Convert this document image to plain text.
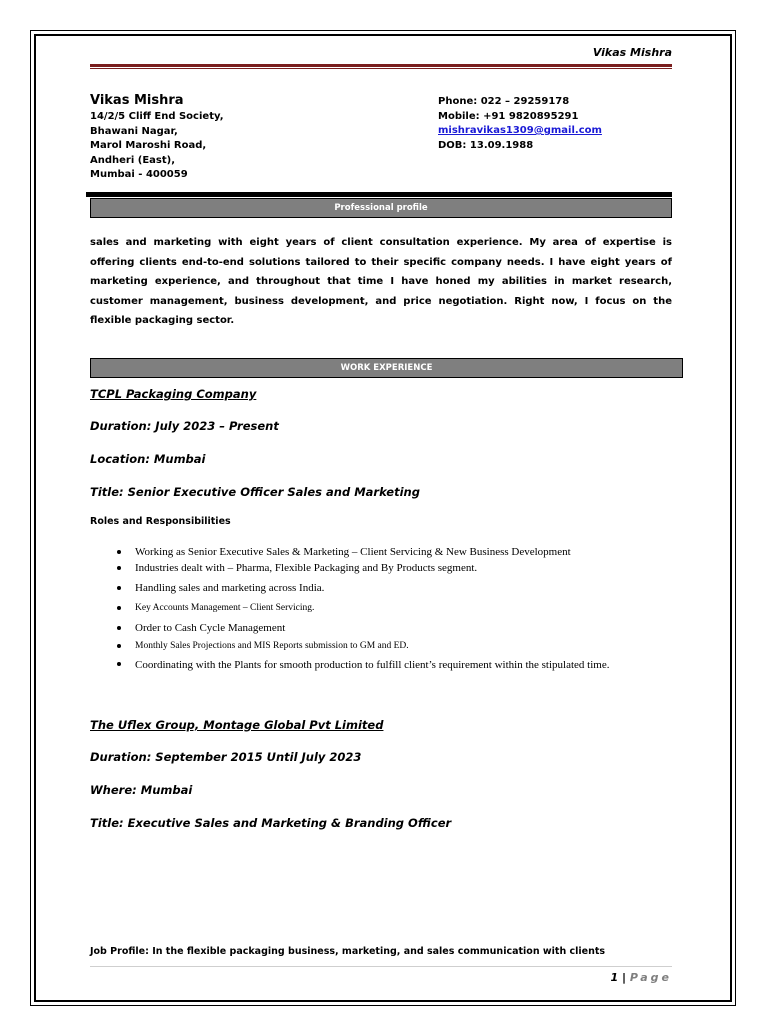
Vikas Mishra
Vikas Mishra
14/2/5 Cliff End Society,
Bhawani Nagar,
Marol Maroshi Road,
Andheri (East),
Mumbai - 400059
Phone: 022 – 29259178
Mobile: +91 9820895291
mishravikas1309@gmail.com
DOB: 13.09.1988
Professional profile
sales and marketing with eight years of client consultation experience. My area of expertise is offering clients end-to-end solutions tailored to their specific company needs. I have eight years of marketing experience, and throughout that time I have honed my abilities in market research, customer management, business development, and price negotiation. Right now, I focus on the flexible packaging sector.
WORK EXPERIENCE
TCPL Packaging Company
Duration: July 2023 – Present
Location: Mumbai
Title: Senior Executive Officer Sales and Marketing
Roles and Responsibilities
Working as Senior Executive Sales & Marketing – Client Servicing & New Business Development
Industries dealt with – Pharma, Flexible Packaging and By Products segment.
Handling sales and marketing across India.
Key Accounts Management – Client Servicing.
Order to Cash Cycle Management
Monthly Sales Projections and MIS Reports submission to GM and ED.
Coordinating with the Plants for smooth production to fulfill client’s requirement within the stipulated time.
The Uflex Group, Montage Global Pvt Limited
Duration: September 2015 Until July 2023
Where: Mumbai
Title: Executive Sales and Marketing & Branding Officer
Job Profile: In the flexible packaging business, marketing, and sales communication with clients
1 | Page
